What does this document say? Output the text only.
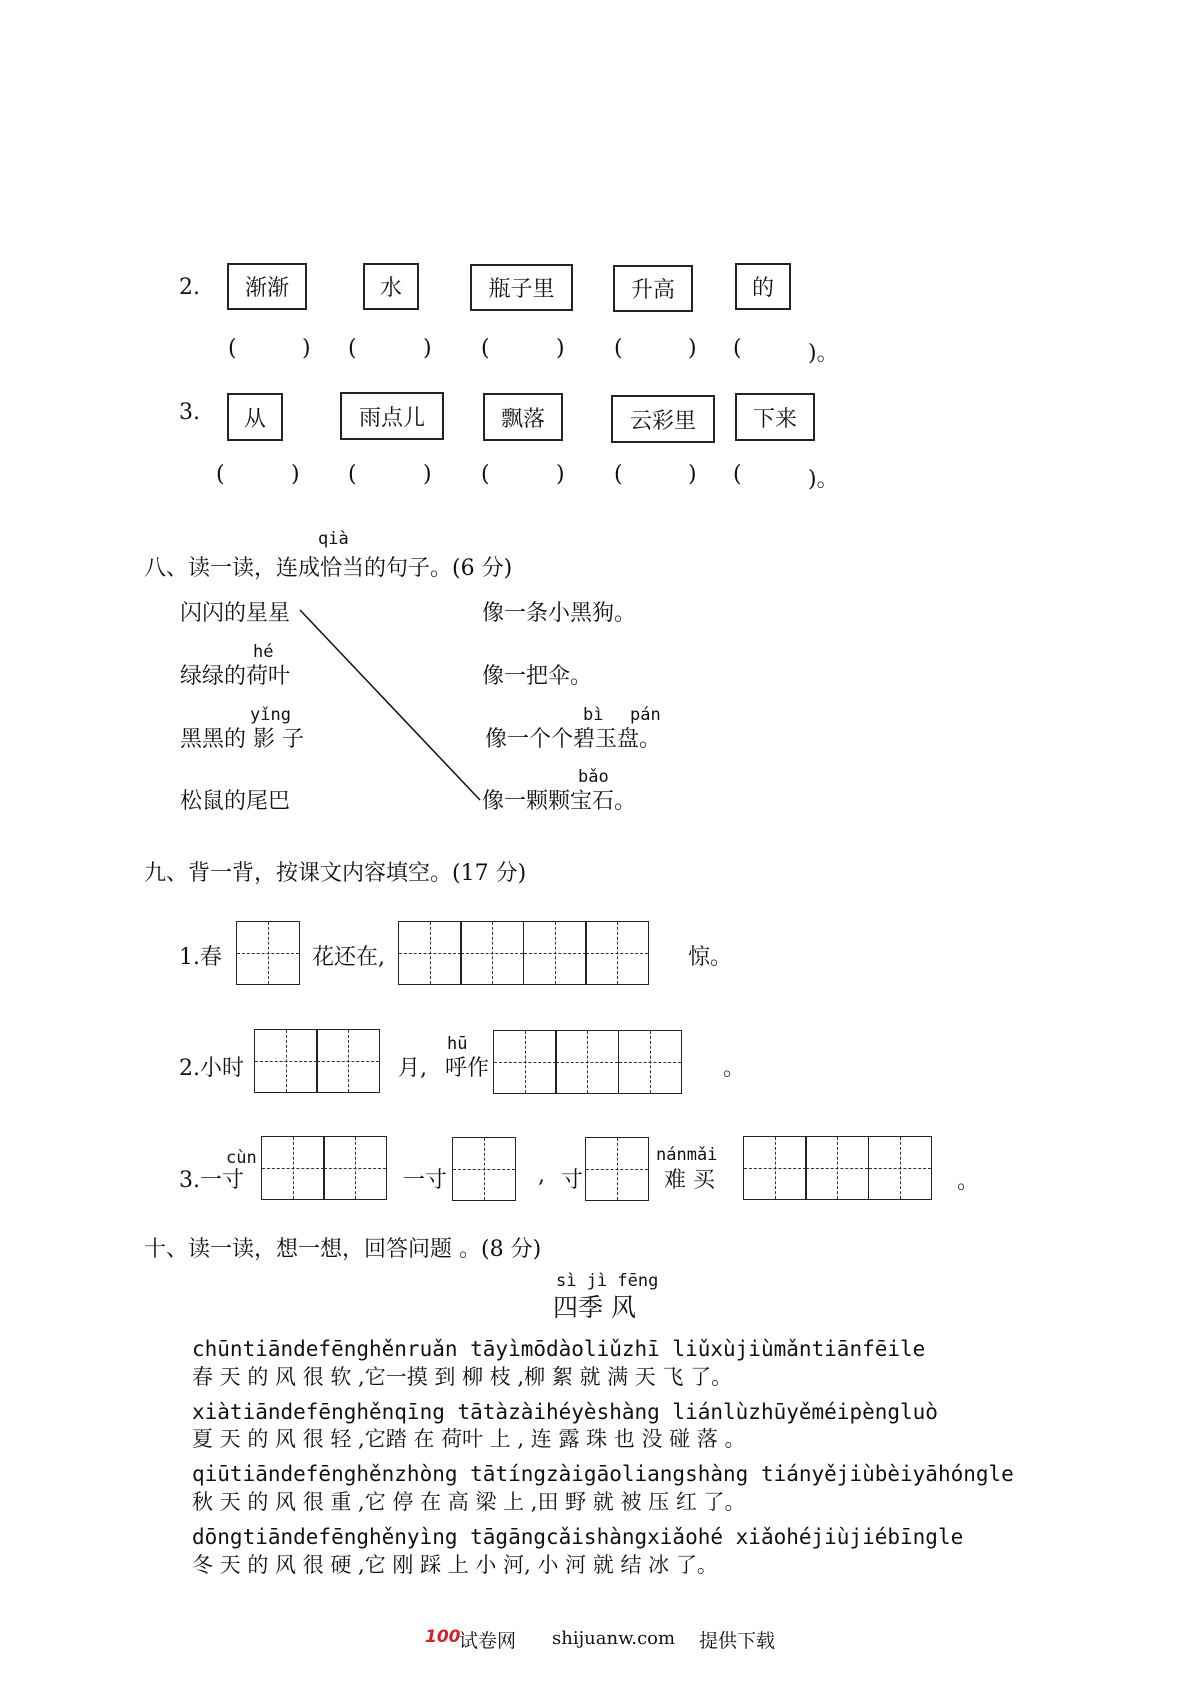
2.	渐渐	水	瓶子里	升高	的
(	) (	) (	) (	) (	)。
3.	从	雨点儿	飘落	云彩里	下来
(	) (	) (	) (	) (	)。
八、读一读，连成
qià
恰当的句子。(6 分)
闪闪的星星
hé
绿绿的荷叶
yǐng
黑黑的 影 子
松鼠的尾巴
像一条小黑狗。
像一把伞。
bì pán
像一个个碧玉盘。
bǎo
像一颗颗宝石。
九、背一背，按课文内容填空。(17 分)
1.春	花还在,	惊。
2.小时	月,
hū
呼作	。
cùn
3.一寸	一寸	, 寸
nánmǎi
难 买	。
十、读一读，想一想，回答问题 。(8 分)
sì jì fēng
四季 风
chūntiāndefēnghěnruǎn tāyìmōdàoliǔzhī liǔxùjiùmǎntiānfēile
春 天 的 风 很 软 ,它一摸 到 柳 枝 ,柳 絮 就 满 天 飞 了。
xiàtiāndefēnghěnqīng tātàzàihéyèshàng liánlùzhūyěméipèngluò
夏 天 的 风 很 轻 ,它踏 在 荷叶 上 , 连 露 珠 也 没 碰 落 。
qiūtiāndefēnghěnzhòng tātíngzàigāoliangshàng tiányějiùbèiyāhóngle
秋 天 的 风 很 重 ,它 停 在 高 梁 上 ,田 野 就 被 压 红 了。
dōngtiāndefēnghěnyìng tāgāngcǎishàngxiǎohé xiǎohéjiùjiébīngle
冬 天 的 风 很 硬 ,它 刚 踩 上 小 河, 小 河 就 结 冰 了。
100
试卷网 shijuanw.com 提供下载
